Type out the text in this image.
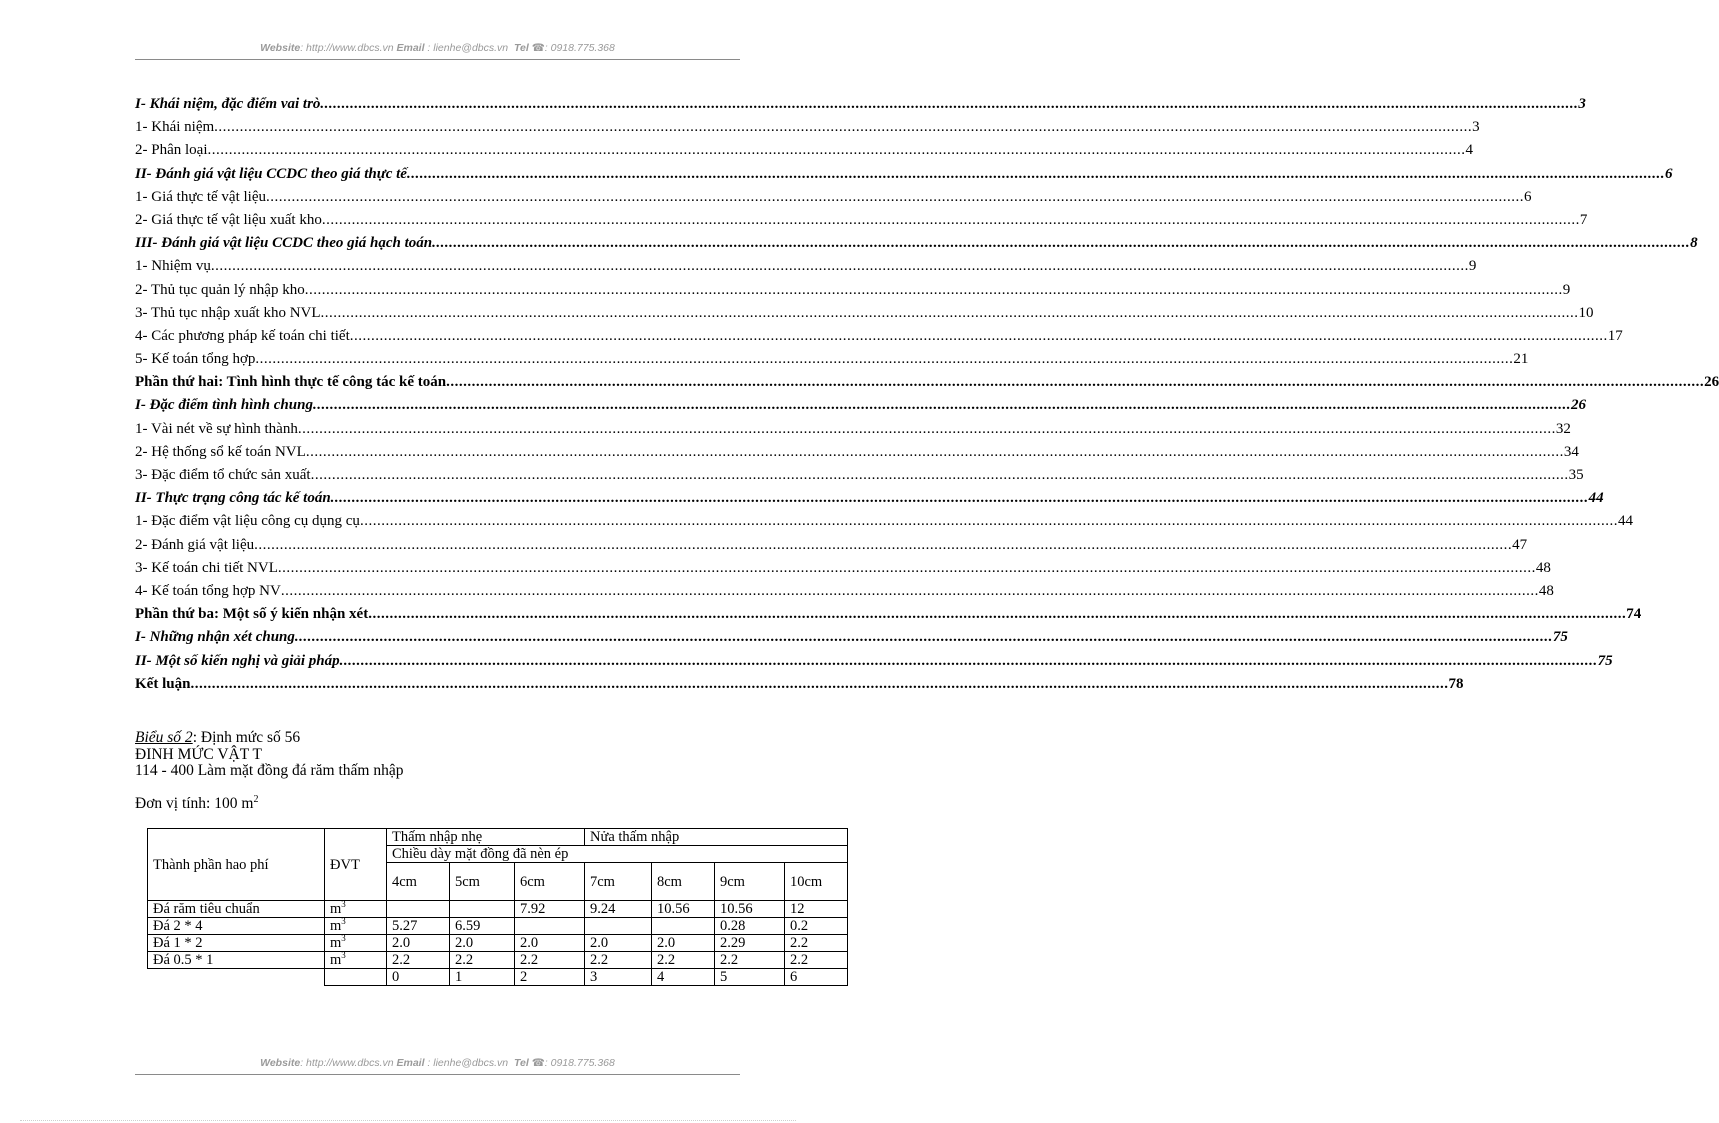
Website: http://www.dbcs.vn Email : lienhe@dbcs.vn Tel ☎: 0918.775.368
I- Khái niệm, đặc điểm vai trò .....	3
1- Khái niệm .....	3
2- Phân loại .....	4
II- Đánh giá vật liệu CCDC theo giá thực tế .....	6
1- Giá thực tế vật liệu .....	6
2- Giá thực tế vật liệu xuất kho .....	7
III- Đánh giá vật liệu CCDC theo giá hạch toán .....	8
1- Nhiệm vụ .....	9
2- Thủ tục quản lý nhập kho .....	9
3- Thủ tục nhập xuất kho NVL .....	10
4- Các phương pháp kế toán chi tiết .....	17
5- Kế toán tổng hợp .....	21
Phần thứ hai: Tình hình thực tế công tác kế toán .....	26
I- Đặc điểm tình hình chung .....	26
1- Vài nét về sự hình thành .....	32
2- Hệ thống sổ kế toán NVL .....	34
3- Đặc điểm tổ chức sản xuất .....	35
II- Thực trạng công tác kế toán .....	44
1- Đặc điểm vật liệu công cụ dụng cụ .....	44
2- Đánh giá vật liệu .....	47
3- Kế toán chi tiết NVL .....	48
4- Kế toán tổng hợp NV .....	48
Phần thứ ba: Một số ý kiến nhận xét .....	74
I- Những nhận xét chung .....	75
II- Một số kiến nghị và giải pháp .....	75
Kết luận .....	78
Biểu số 2: Định mức số 56
ĐINH MỨC VẬT T
114 - 400 Làm mặt đồng đá răm thấm nhập
Đơn vị tính: 100 $m^2$
Thành phần hao phí	ĐVT	Thấm nhập nhẹ			Nửa thấm nhập			
		Chiều dày mặt đồng đã nèn ép						
		4cm	5cm	6cm	7cm	8cm	9cm	10cm
Đá răm tiêu chuẩn	$m^3$			7.92	9.24	10.56	10.56	12
Đá 2 * 4	$m^3$	5.27	6.59				0.28	0.2
Đá 1 * 2	$m^3$	2.0	2.0	2.0	2.0	2.0	2.29	2.2
Đá 0.5 * 1	$m^3$	2.2	2.2	2.2	2.2	2.2	2.2	2.2
		0	1	2	3	4	5	6
Website: http://www.dbcs.vn Email : lienhe@dbcs.vn Tel ☎: 0918.775.368
